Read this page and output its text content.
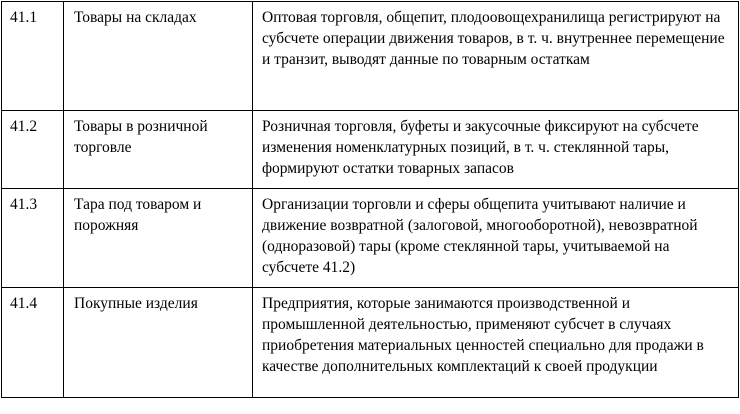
41.1	Товары на складах	Оптовая торговля, общепит, плодоовощехранилища регистрируют на субсчете операции движения товаров, в т. ч. внутреннее перемещение и транзит, выводят данные по товарным остаткам
41.2	Товары в розничной торговле	Розничная торговля, буфеты и закусочные фиксируют на субсчете изменения номенклатурных позиций, в т. ч. стеклянной тары, формируют остатки товарных запасов
41.3	Тара под товаром и порожняя	Организации торговли и сферы общепита учитывают наличие и движение возвратной (залоговой, многооборотной), невозвратной (одноразовой) тары (кроме стеклянной тары, учитываемой на субсчете 41.2)
41.4	Покупные изделия	Предприятия, которые занимаются производственной и промышленной деятельностью, применяют субсчет в случаях приобретения материальных ценностей специально для продажи в качестве дополнительных комплектаций к своей продукции
